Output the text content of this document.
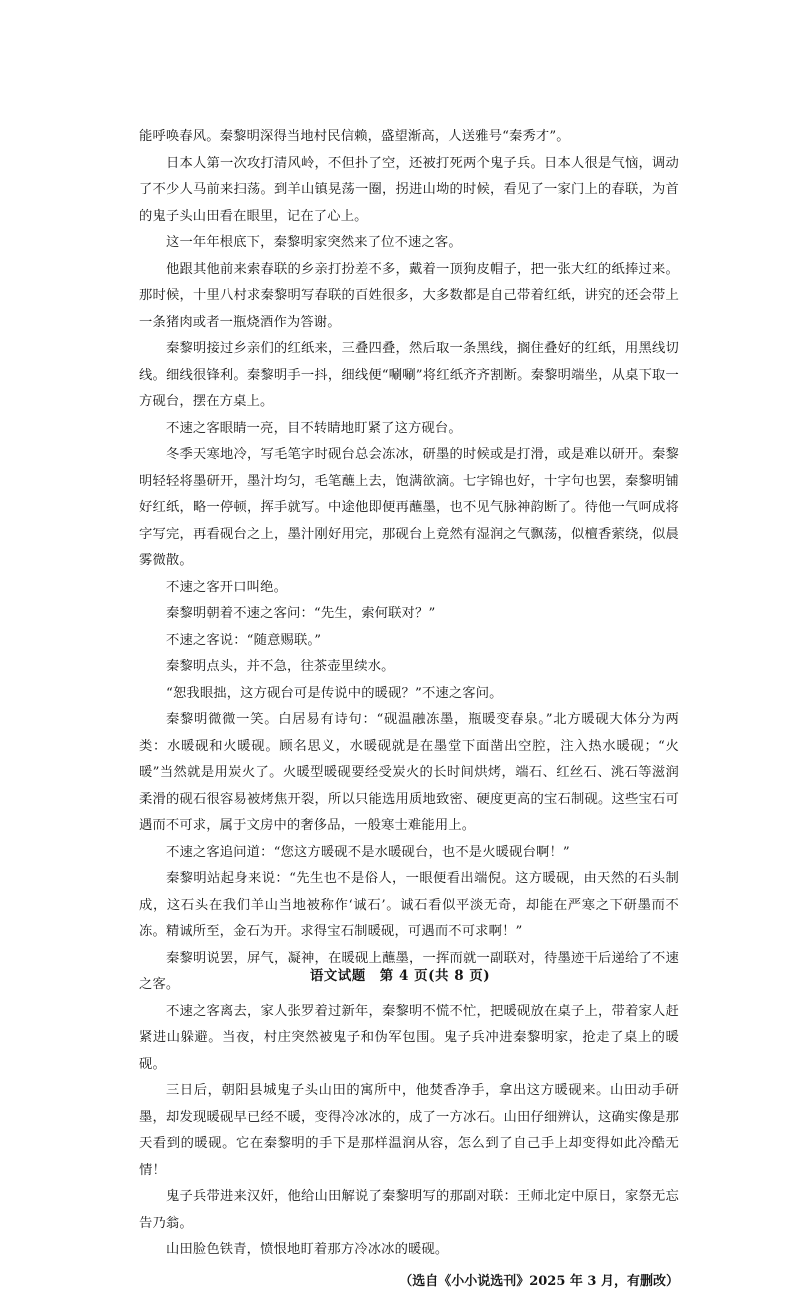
能呼唤春风。秦黎明深得当地村民信赖，盛望渐高，人送雅号“秦秀才”。

日本人第一次攻打清风岭，不但扑了空，还被打死两个鬼子兵。日本人很是气恼，调动了不少人马前来扫荡。到羊山镇晃荡一圈，拐进山坳的时候，看见了一家门上的春联，为首的鬼子头山田看在眼里，记在了心上。

这一年年根底下，秦黎明家突然来了位不速之客。

他跟其他前来索春联的乡亲打扮差不多，戴着一顶狗皮帽子，把一张大红的纸捧过来。那时候，十里八村求秦黎明写春联的百姓很多，大多数都是自己带着红纸，讲究的还会带上一条猪肉或者一瓶烧酒作为答谢。

秦黎明接过乡亲们的红纸来，三叠四叠，然后取一条黑线，搁住叠好的红纸，用黑线切线。细线很锋利。秦黎明手一抖，细线便“唰唰”将红纸齐齐割断。秦黎明端坐，从桌下取一方砚台，摆在方桌上。

不速之客眼睛一亮，目不转睛地盯紧了这方砚台。

冬季天寒地冷，写毛笔字时砚台总会冻冰，研墨的时候或是打滑，或是难以研开。秦黎明轻轻将墨研开，墨汁均匀，毛笔蘸上去，饱满欲滴。七字锦也好，十字句也罢，秦黎明铺好红纸，略一停顿，挥手就写。中途他即便再蘸墨，也不见气脉神韵断了。待他一气呵成将字写完，再看砚台之上，墨汁刚好用完，那砚台上竟然有湿润之气飘荡，似檀香萦绕，似晨雾微散。

不速之客开口叫绝。

秦黎明朝着不速之客问：“先生，索何联对？”

不速之客说：“随意赐联。”

秦黎明点头，并不急，往茶壶里续水。

“恕我眼拙，这方砚台可是传说中的暖砚？”不速之客问。

秦黎明微微一笑。白居易有诗句：“砚温融冻墨，瓶暖变春泉。”北方暖砚大体分为两类：水暖砚和火暖砚。顾名思义，水暖砚就是在墨堂下面凿出空腔，注入热水暖砚；“火暖”当然就是用炭火了。火暖型暖砚要经受炭火的长时间烘烤，端石、红丝石、洮石等滋润柔滑的砚石很容易被烤焦开裂，所以只能选用质地致密、硬度更高的宝石制砚。这些宝石可遇而不可求，属于文房中的奢侈品，一般寒士难能用上。

不速之客追问道：“您这方暖砚不是水暖砚台，也不是火暖砚台啊！”

秦黎明站起身来说：“先生也不是俗人，一眼便看出端倪。这方暖砚，由天然的石头制成，这石头在我们羊山当地被称作‘诚石’。诚石看似平淡无奇，却能在严寒之下研墨而不冻。精诚所至，金石为开。求得宝石制暖砚，可遇而不可求啊！”

秦黎明说罢，屏气，凝神，在暖砚上蘸墨，一挥而就一副联对，待墨迹干后递给了不速之客。

不速之客离去，家人张罗着过新年，秦黎明不慌不忙，把暖砚放在桌子上，带着家人赶紧进山躲避。当夜，村庄突然被鬼子和伪军包围。鬼子兵冲进秦黎明家，抢走了桌上的暖砚。

三日后，朝阳县城鬼子头山田的寓所中，他焚香净手，拿出这方暖砚来。山田动手研墨，却发现暖砚早已经不暖，变得冷冰冰的，成了一方冰石。山田仔细辨认，这确实像是那天看到的暖砚。它在秦黎明的手下是那样温润从容，怎么到了自己手上却变得如此冷酷无情！

鬼子兵带进来汉奸，他给山田解说了秦黎明写的那副对联：王师北定中原日，家祭无忘告乃翁。

山田脸色铁青，愤恨地盯着那方冷冰冰的暖砚。

（选自《小小说选刊》2025 年 3 月，有删改）

语文试题　第 4 页(共 8 页)
